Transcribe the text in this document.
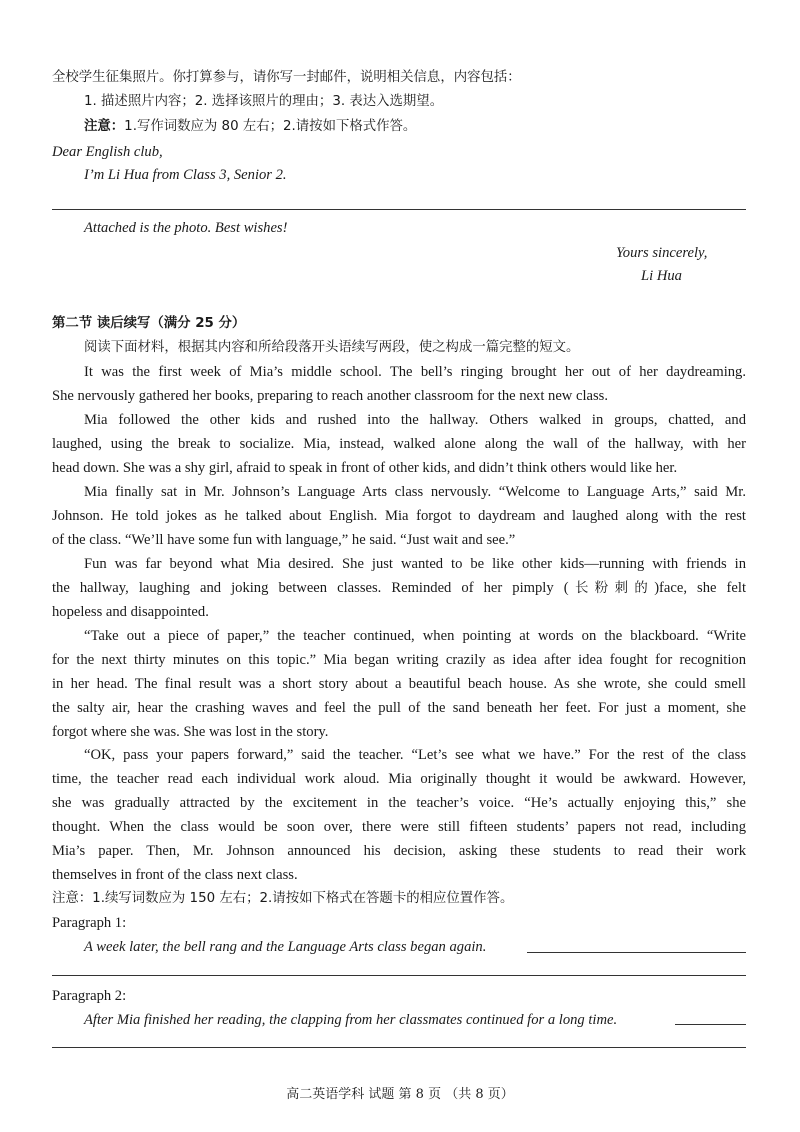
全校学生征集照片。你打算参与，请你写一封邮件，说明相关信息，内容包括：
1. 描述照片内容；2. 选择该照片的理由；3. 表达入选期望。
注意：1.写作词数应为 80 左右；2.请按如下格式作答。
Dear English club,
I’m Li Hua from Class 3, Senior 2.
Attached is the photo. Best wishes!
Yours sincerely,
Li Hua
第二节 读后续写（满分 25 分）
阅读下面材料，根据其内容和所给段落开头语续写两段，使之构成一篇完整的短文。
It was the first week of Mia’s middle school. The bell’s ringing brought her out of her daydreaming.
She nervously gathered her books, preparing to reach another classroom for the next new class.
Mia followed the other kids and rushed into the hallway. Others walked in groups, chatted, and
laughed, using the break to socialize. Mia, instead, walked alone along the wall of the hallway, with her
head down. She was a shy girl, afraid to speak in front of other kids, and didn’t think others would like her.
Mia finally sat in Mr. Johnson’s Language Arts class nervously. “Welcome to Language Arts,” said Mr.
Johnson. He told jokes as he talked about English. Mia forgot to daydream and laughed along with the rest
of the class. “We’ll have some fun with language,” he said. “Just wait and see.”
Fun was far beyond what Mia desired. She just wanted to be like other kids—running with friends in
the hallway, laughing and joking between classes. Reminded of her pimply (长粉刺的)face, she felt
hopeless and disappointed.
“Take out a piece of paper,” the teacher continued, when pointing at words on the blackboard. “Write
for the next thirty minutes on this topic.” Mia began writing crazily as idea after idea fought for recognition
in her head. The final result was a short story about a beautiful beach house. As she wrote, she could smell
the salty air, hear the crashing waves and feel the pull of the sand beneath her feet. For just a moment, she
forgot where she was. She was lost in the story.
“OK, pass your papers forward,” said the teacher. “Let’s see what we have.” For the rest of the class
time, the teacher read each individual work aloud. Mia originally thought it would be awkward. However,
she was gradually attracted by the excitement in the teacher’s voice. “He’s actually enjoying this,” she
thought. When the class would be soon over, there were still fifteen students’ papers not read, including
Mia’s paper. Then, Mr. Johnson announced his decision, asking these students to read their work
themselves in front of the class next class.
注意：1.续写词数应为 150 左右；2.请按如下格式在答题卡的相应位置作答。
Paragraph 1:
A week later, the bell rang and the Language Arts class began again.
Paragraph 2:
After Mia finished her reading, the clapping from her classmates continued for a long time.
高二英语学科 试题 第 8 页 （共 8 页）
